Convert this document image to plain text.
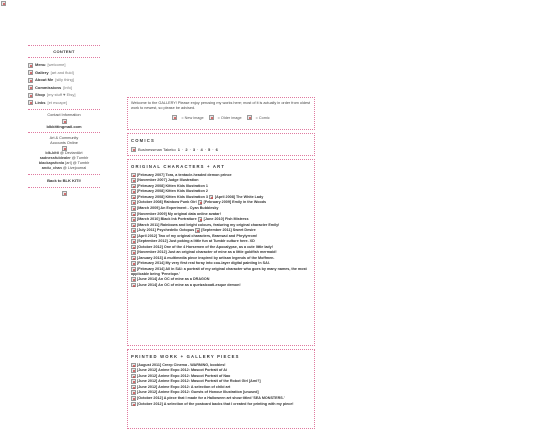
CONTENT
Menu [welcome]
Gallery [art and fluid]
About Me [silly thing]
Commissions [info]
Shop [my stuff ♥ Etsy]
Links [et escape]
Contact Information
blkkittingmail.com
Art & Community
Accounts Online
blk-kitti @ DeviantArt
sadnessfuldealer @ Tumblr
blackapsfonla [art] @ Tumblr
andu_chan @ Livejournal
Back to BLK KITI!
Welcome to the GALLERY! Please enjoy perusing my works here; most of it is actually in order from oldest work to newest, so please be advised.
= New image	= Older image	= Comic
COMICS
Businessman Takeko 1 · 2 · 3 · 4 · 5 · 6
ORIGINAL CHARACTERS + ART
[February 2007] Tora, a tentacle-headed demon prince
[November 2007] Judge Illustration
[February 2008] Kitten Kids Illustration 1
[February 2008] Kitten Kids Illustration 2
[February 2008] Kitten Kids Illustration 3 [April 2008] The White Lady
[October 2008] Rainbow Punk Girl [February 2009] Emily in the Woods
[March 2009] An Experiment - Cyan Bubblesky
[November 2009] My original data online avatar!
[March 2010] Black Ink Portraiture [June 2010] Fish Mistress
[March 2011] Rainbows and bright colours, featuring my original character Emily!
[July 2011] Psychedelic Octopus [September 2011] Sweet Desire
[April 2012] Two of my original characters, Bramwul and Phrylyrrom!
[September 2012] Just poking a little fun at Tumblr culture here. XD
[October 2012] One of the 4 Horsemen of the Apocalypse, as a cute little lady!
[November 2012] Just an original character of mine as a little goldfish mermaid!
[January 2013] A multimedia piece inspired by artisan legends of the Moffmen.
[February 2014] My very first real foray into cou-layer digital painting in SAI.
[February 2014] All in SAI: a portrait of my original character who goes by many names, the most applicable being 'Penelope.'
[June 2014] An OC of mine as a DRAGON
[June 2014] An OC of mine as a quetzalcoatl-esque demon!
PRINTED WORK + GALLERY PIECES
[August 2011] Creep Cinema - WARNING, boobies!
[June 2012] Anime Expo 2012: Mascot Portrait of Ai
[June 2012] Anime Expo 2012: Mascot Portrait of Nao
[June 2012] Anime Expo 2012: Mascot Portrait of the Robot Girl [Ami?]
[June 2012] Anime Expo 2012: A selection of chibi art
[June 2012] Anime Expo 2012: Guests of Honour Illustration [unused]
[October 2012] A piece that I made for a Halloween art show titled 'SEA MONSTERS.'
[October 2012] A selection of the postcard backs that I created for printing with my piece!
